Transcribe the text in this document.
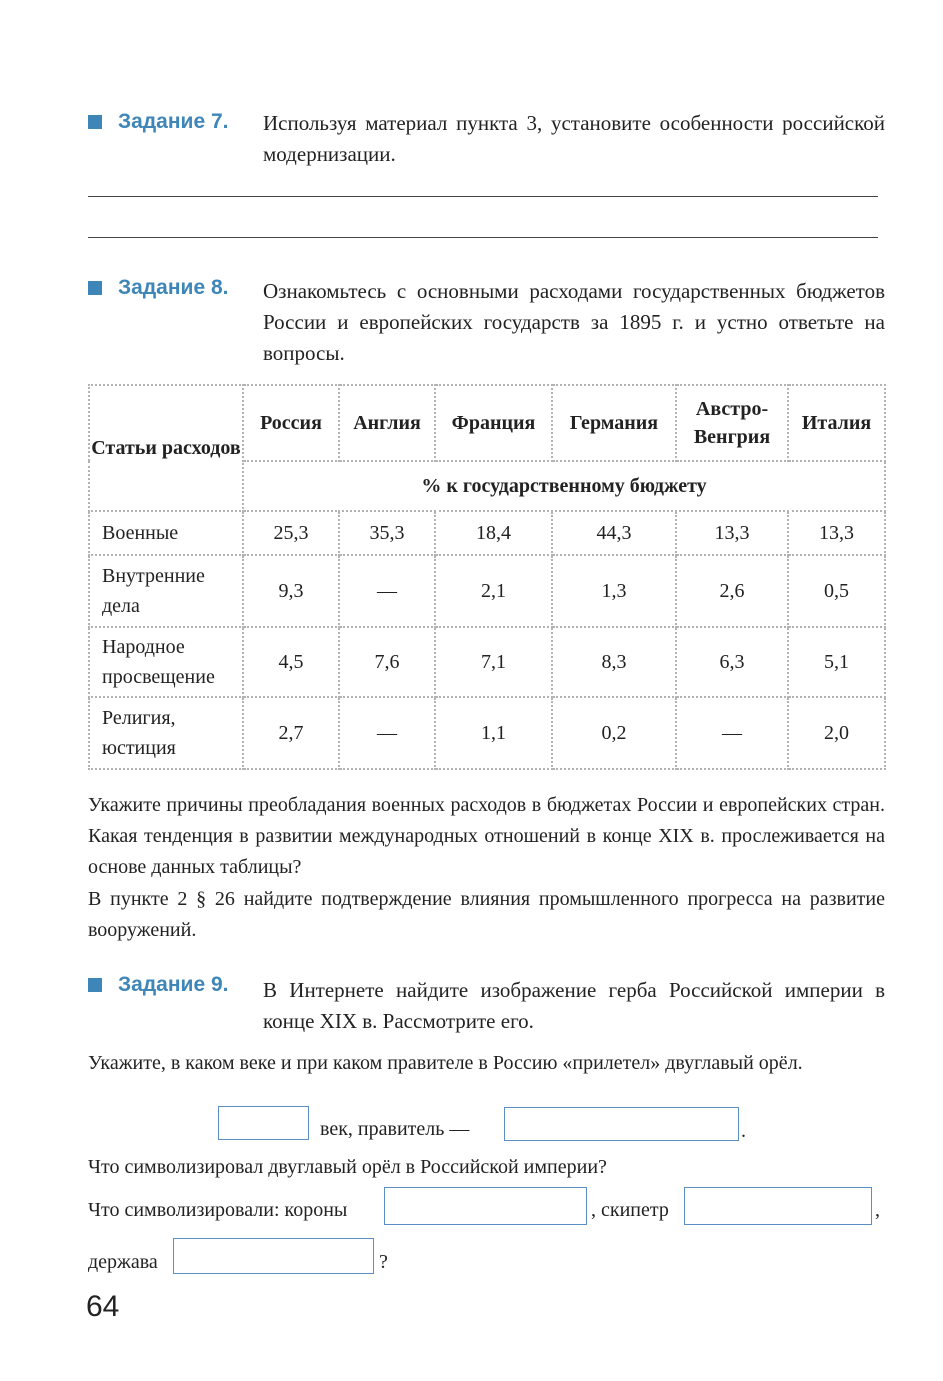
Задание 7. Используя материал пункта 3, установите особенности российской модернизации.
Задание 8. Ознакомьтесь с основными расходами государственных бюджетов России и европейских государств за 1895 г. и устно ответьте на вопросы.
Статьи расходов	Россия	Англия	Франция	Германия	Австро-Венгрия	Италия
	% к государственному бюджету					
Военные	25,3	35,3	18,4	44,3	13,3	13,3
Внутренние дела	9,3	—	2,1	1,3	2,6	0,5
Народное просвещение	4,5	7,6	7,1	8,3	6,3	5,1
Религия, юстиция	2,7	—	1,1	0,2	—	2,0
Укажите причины преобладания военных расходов в бюджетах России и европейских стран. Какая тенденция в развитии международных отношений в конце XIX в. прослеживается на основе данных таблицы?
В пункте 2 § 26 найдите подтверждение влияния промышленного прогресса на развитие вооружений.
Задание 9. В Интернете найдите изображение герба Российской империи в конце XIX в. Рассмотрите его.
Укажите, в каком веке и при каком правителе в Россию «прилетел» двуглавый орёл.
век, правитель —	.
Что символизировал двуглавый орёл в Российской империи?
Что символизировали: короны	, скипетр	,
держава	?
64
